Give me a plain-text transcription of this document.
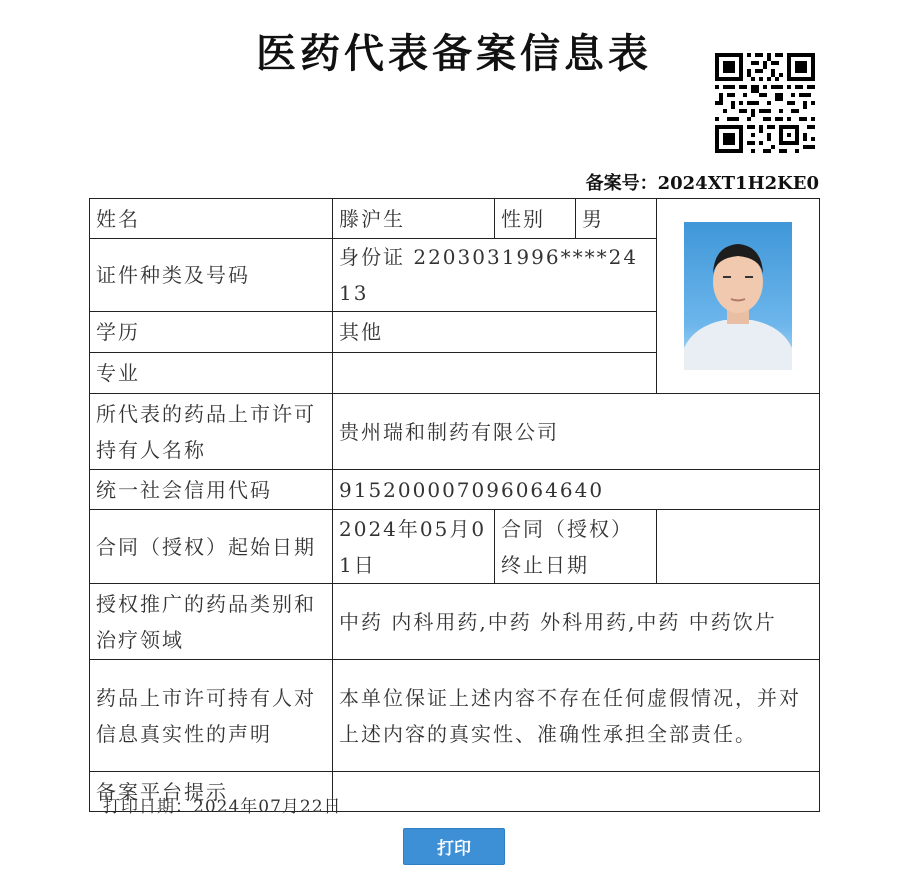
医药代表备案信息表
备案号：2024XT1H2KE0
姓名	滕沪生	性别	男	

证件种类及号码	身份证 2203031996****2413			
学历	其他			
专业				
所代表的药品上市许可持有人名称	贵州瑞和制药有限公司			
统一社会信用代码	915200007096064640			
合同（授权）起始日期	2024年05月01日	合同（授权）终止日期		
授权推广的药品类别和治疗领域	中药 内科用药,中药 外科用药,中药 中药饮片			
药品上市许可持有人对信息真实性的声明	本单位保证上述内容不存在任何虚假情况，并对上述内容的真实性、准确性承担全部责任。			
备案平台提示				
打印日期：2024年07月22日
打印
